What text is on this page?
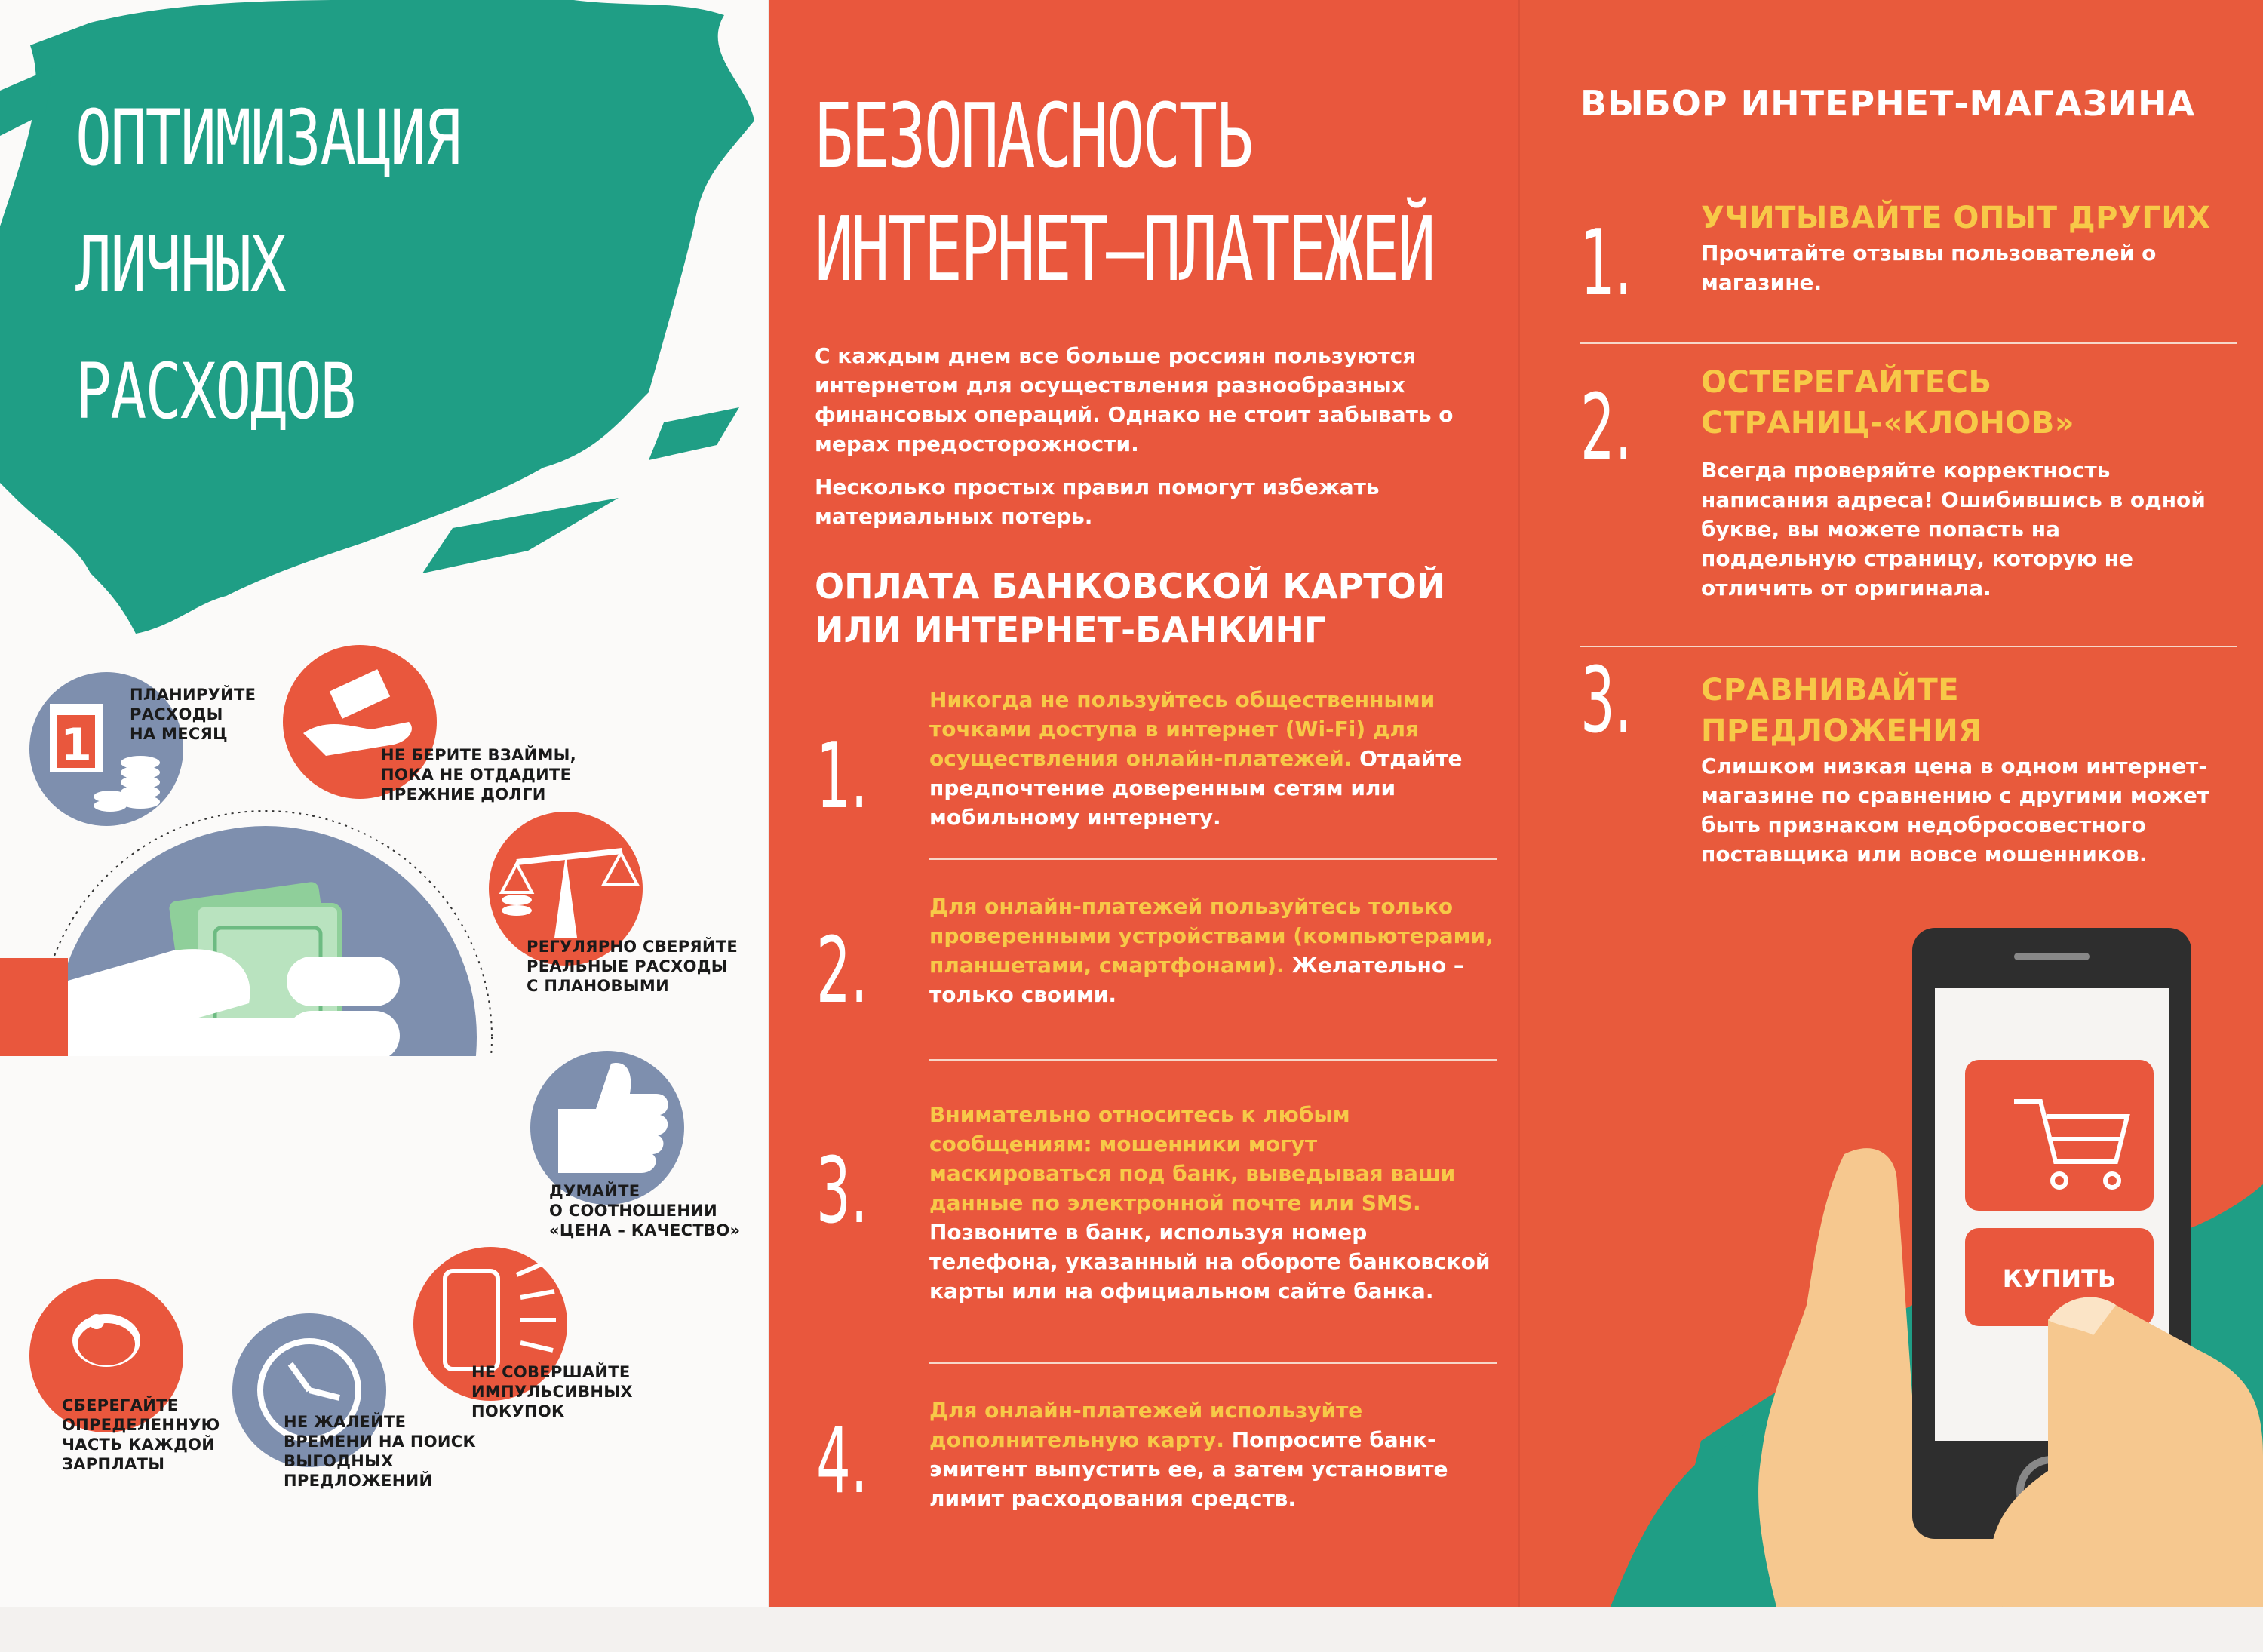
ОПТИМИЗАЦИЯ
ЛИЧНЫХ
РАСХОДОВ
1
ПЛАНИРУЙТЕ
РАСХОДЫ
НА МЕСЯЦ
НЕ БЕРИТЕ ВЗАЙМЫ,
ПОКА НЕ ОТДАДИТЕ
ПРЕЖНИЕ ДОЛГИ
РЕГУЛЯРНО СВЕРЯЙТЕ
РЕАЛЬНЫЕ РАСХОДЫ
С ПЛАНОВЫМИ
ДУМАЙТЕ
О СООТНОШЕНИИ
«ЦЕНА – КАЧЕСТВО»
НЕ СОВЕРШАЙТЕ
ИМПУЛЬСИВНЫХ
ПОКУПОК
НЕ ЖАЛЕЙТЕ
ВРЕМЕНИ НА ПОИСК
ВЫГОДНЫХ
ПРЕДЛОЖЕНИЙ
СБЕРЕГАЙТЕ
ОПРЕДЕЛЕННУЮ
ЧАСТЬ КАЖДОЙ
ЗАРПЛАТЫ
БЕЗОПАСНОСТЬ
ИНТЕРНЕТ–ПЛАТЕЖЕЙ

С каждым днем все больше россиян пользуются интернетом для осуществления разнообразных финансовых операций. Однако не стоит забывать о мерах предосторожности.

Несколько простых правил помогут избежать материальных потерь.

ОПЛАТА БАНКОВСКОЙ КАРТОЙ ИЛИ ИНТЕРНЕТ-БАНКИНГ
1.
Никогда не пользуйтесь общественными точками доступа в интернет (Wi-Fi) для осуществления онлайн-платежей. Отдайте предпочтение доверенным сетям или мобильному интернету.
2.
Для онлайн-платежей пользуйтесь только проверенными устройствами (компьютерами, планшетами, смартфонами). Желательно – только своими.
3.
Внимательно относитесь к любым сообщениям: мошенники могут маскироваться под банк, выведывая ваши данные по электронной почте или SMS. Позвоните в банк, используя номер телефона, указанный на обороте банковской карты или на официальном сайте банка.
4.	Для онлайн-платежей используйте дополнительную карту. Попросите банк-эмитент выпустить ее, а затем установите лимит расходования средств.
ВЫБОР ИНТЕРНЕТ-МАГАЗИНА
1. УЧИТЫВАЙТЕ ОПЫТ ДРУГИХ
Прочитайте отзывы пользователей о магазине.
2. ОСТЕРЕГАЙТЕСЬ СТРАНИЦ-«КЛОНОВ»
Всегда проверяйте корректность написания адреса! Ошибившись в одной букве, вы можете попасть на поддельную страницу, которую не отличить от оригинала.
3. СРАВНИВАЙТЕ ПРЕДЛОЖЕНИЯ
Слишком низкая цена в одном интернет-магазине по сравнению с другими может быть признаком недобросовестного поставщика или вовсе мошенников.
КУПИТЬ
